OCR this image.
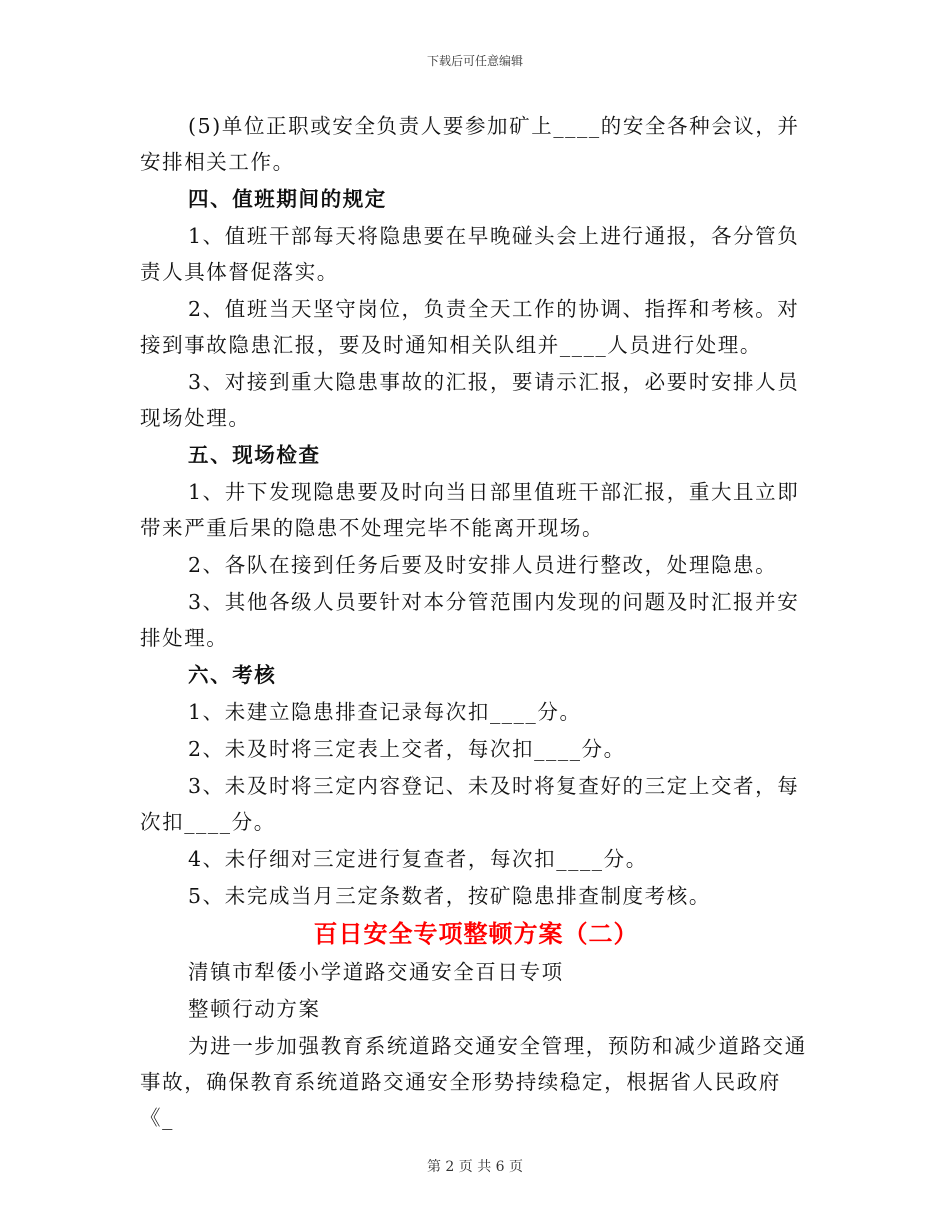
下载后可任意编辑

(5)单位正职或安全负责人要参加矿上____的安全各种会议，并安排相关工作。

四、值班期间的规定

1、值班干部每天将隐患要在早晚碰头会上进行通报，各分管负责人具体督促落实。

2、值班当天坚守岗位，负责全天工作的协调、指挥和考核。对接到事故隐患汇报，要及时通知相关队组并____人员进行处理。

3、对接到重大隐患事故的汇报，要请示汇报，必要时安排人员现场处理。

五、现场检查

1、井下发现隐患要及时向当日部里值班干部汇报，重大且立即带来严重后果的隐患不处理完毕不能离开现场。

2、各队在接到任务后要及时安排人员进行整改，处理隐患。

3、其他各级人员要针对本分管范围内发现的问题及时汇报并安排处理。

六、考核

1、未建立隐患排查记录每次扣____分。

2、未及时将三定表上交者，每次扣____分。

3、未及时将三定内容登记、未及时将复查好的三定上交者，每次扣____分。

4、未仔细对三定进行复查者，每次扣____分。

5、未完成当月三定条数者，按矿隐患排查制度考核。

百日安全专项整顿方案（二）

清镇市犁倭小学道路交通安全百日专项

整顿行动方案

为进一步加强教育系统道路交通安全管理，预防和减少道路交通事故，确保教育系统道路交通安全形势持续稳定，根据省人民政府《_

第 2 页 共 6 页
